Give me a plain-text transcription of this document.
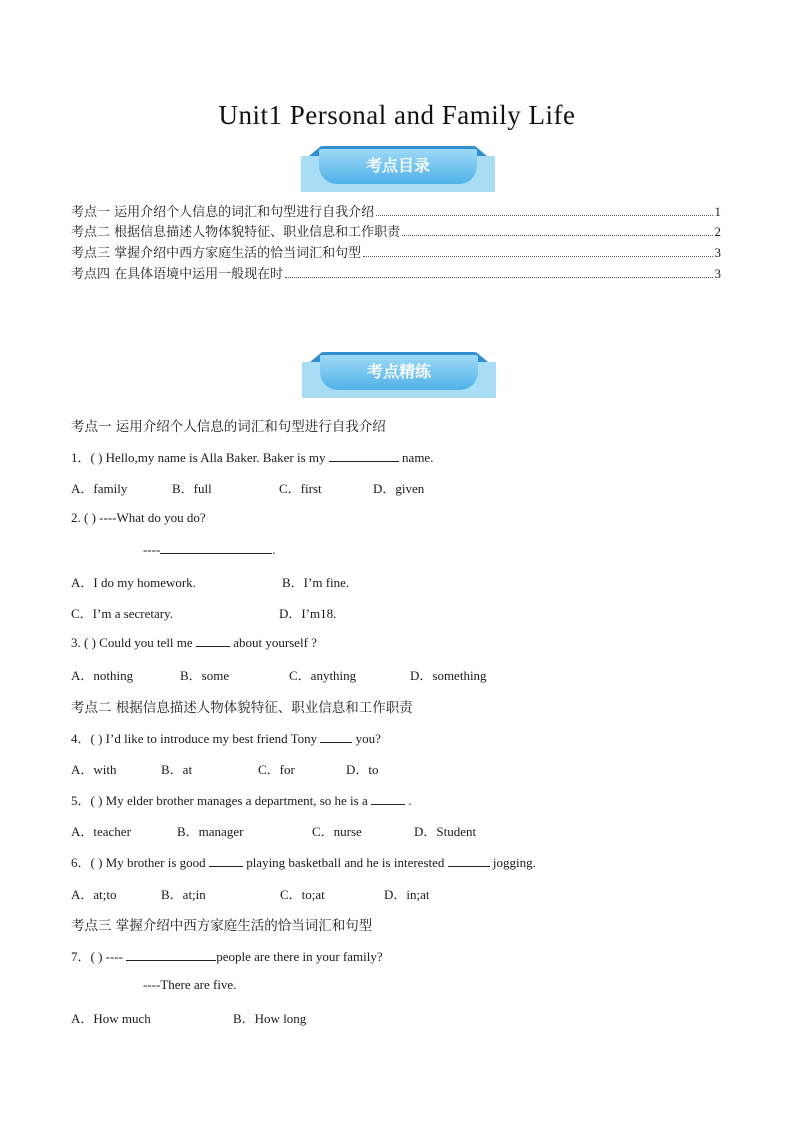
Unit1 Personal and Family Life
考点目录
考点一 运用介绍个人信息的词汇和句型进行自我介绍	1
考点二 根据信息描述人物体貌特征、职业信息和工作职责	2
考点三 掌握介绍中西方家庭生活的恰当词汇和句型	3
考点四 在具体语境中运用一般现在时	3
考点精练
考点一 运用介绍个人信息的词汇和句型进行自我介绍
1．( ) Hello,my name is Alla Baker. Baker is my	name.
A．family	B．full	C．first	D．given
2. ( ) ----What do you do?
----	.
A．I do my homework.	B．I’m fine.
C．I’m a secretary.	D．I’m18.
3. ( ) Could you tell me	about yourself ?
A．nothing	B．some	C．anything	D．something
考点二 根据信息描述人物体貌特征、职业信息和工作职责
4．( ) I’d like to introduce my best friend Tony	you?
A．with	B．at	C．for	D．to
5．( ) My elder brother manages a department, so he is a	.
A．teacher	B．manager	C．nurse	D．Student
6．( ) My brother is good	playing basketball and he is interested	jogging.
A．at;to	B．at;in	C．to;at	D．in;at
考点三 掌握介绍中西方家庭生活的恰当词汇和句型
7．( ) ----	people are there in your family?
----There are five.
A．How much	B．How long
